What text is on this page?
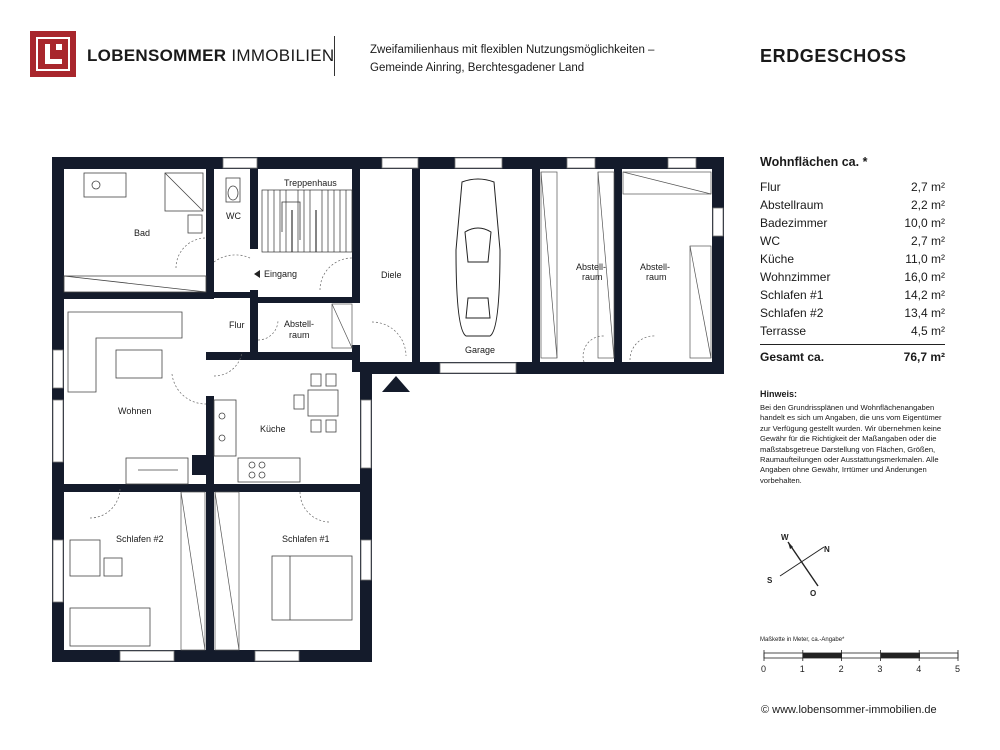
LOBENSOMMER IMMOBILIEN	Zweifamilienhaus mit flexiblen Nutzungsmöglichkeiten –
Gemeinde Ainring, Berchtesgadener Land
ERDGESCHOSS
Bad
WC
Treppenhaus
Eingang
Flur	Abstell-
raum
Diele
Garage
Abstell-
raum
Abstell-
raum
Wohnen
Küche
Schlafen #2	Schlafen #1
Wohnflächen ca. *
Flur	2,7 m²
Abstellraum	2,2 m²
Badezimmer	10,0 m²
WC	2,7 m²
Küche	11,0 m²
Wohnzimmer	16,0 m²
Schlafen #1	14,2 m²
Schlafen #2	13,4 m²
Terrasse	4,5 m²
Gesamt ca.	76,7 m²
Hinweis:
Bei den Grundrissplänen und Wohnflächenangaben handelt es sich um Angaben, die uns vom Eigentümer zur Verfügung gestellt wurden. Wir übernehmen keine Gewähr für die Richtigkeit der Maßangaben oder die maßstabsgetreue Darstellung von Flächen, Größen, Raumaufteilungen oder Ausstattungsmerkmalen. Alle Angaben ohne Gewähr, Irrtümer und Änderungen vorbehalten.
W
N
S
O
Maßkette in Meter, ca.-Angabe*
0	1	2	3	4	5
© www.lobensommer-immobilien.de
